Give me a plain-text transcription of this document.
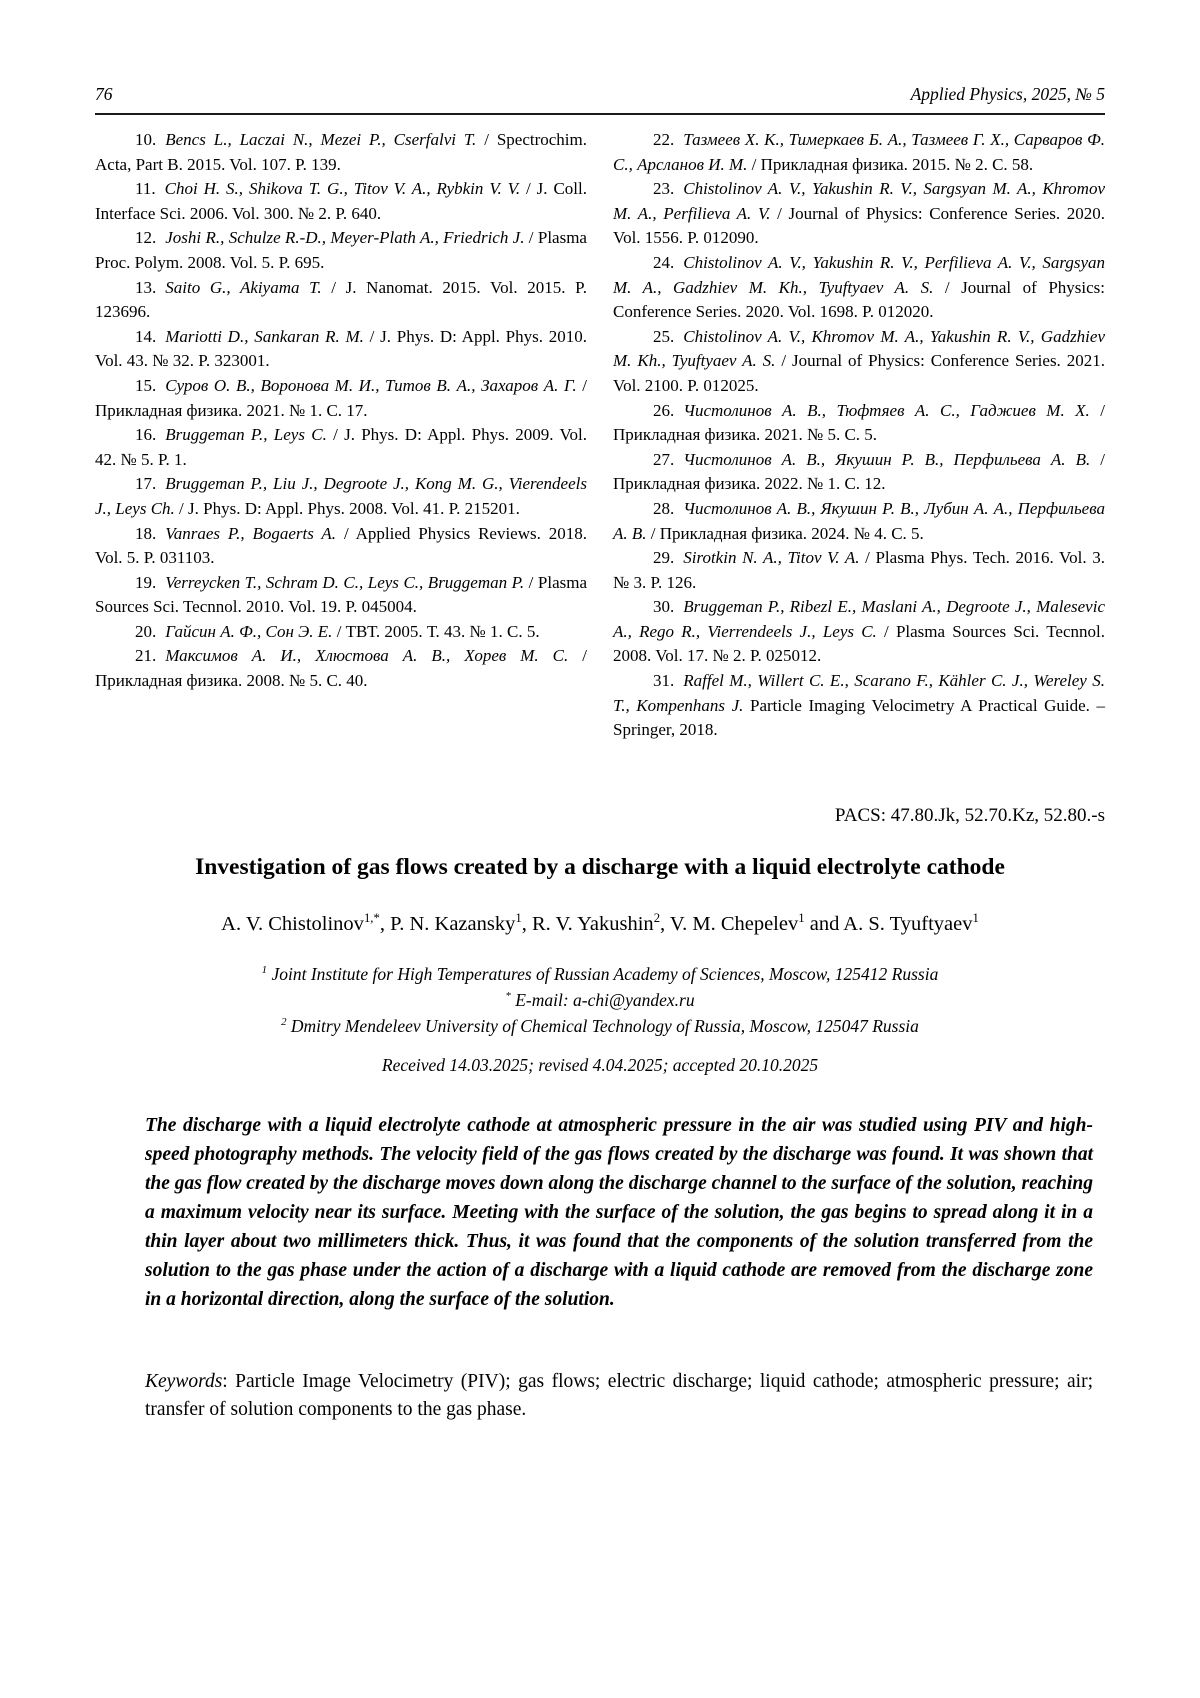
76	Applied Physics, 2025, № 5

10. Bencs L., Laczai N., Mezei P., Cserfalvi T. / Spectrochim. Acta, Part B. 2015. Vol. 107. P. 139.

11. Choi H. S., Shikova T. G., Titov V. A., Rybkin V. V. / J. Coll. Interface Sci. 2006. Vol. 300. № 2. P. 640.

12. Joshi R., Schulze R.-D., Meyer-Plath A., Friedrich J. / Plasma Proc. Polym. 2008. Vol. 5. P. 695.

13. Saito G., Akiyama T. / J. Nanomat. 2015. Vol. 2015. P. 123696.

14. Mariotti D., Sankaran R. M. / J. Phys. D: Appl. Phys. 2010. Vol. 43. № 32. P. 323001.

15. Суров О. В., Воронова М. И., Титов В. А., Захаров А. Г. / Прикладная физика. 2021. № 1. С. 17.

16. Bruggeman P., Leys C. / J. Phys. D: Appl. Phys. 2009. Vol. 42. № 5. P. 1.

17. Bruggeman P., Liu J., Degroote J., Kong M. G., Vierendeels J., Leys Ch. / J. Phys. D: Appl. Phys. 2008. Vol. 41. P. 215201.

18. Vanraes P., Bogaerts A. / Applied Physics Reviews. 2018. Vol. 5. P. 031103.

19. Verreycken T., Schram D. C., Leys C., Bruggeman P. / Plasma Sources Sci. Tecnnol. 2010. Vol. 19. P. 045004.

20. Гайсин А. Ф., Сон Э. Е. / ТВТ. 2005. Т. 43. № 1. С. 5.

21. Максимов А. И., Хлюстова А. В., Хорев М. С. / Прикладная физика. 2008. № 5. С. 40.

22. Тазмеев Х. К., Тимеркаев Б. А., Тазмеев Г. Х., Сарваров Ф. С., Арсланов И. М. / Прикладная физика. 2015. № 2. С. 58.

23. Chistolinov A. V., Yakushin R. V., Sargsyan M. A., Khromov M. A., Perfilieva A. V. / Journal of Physics: Conference Series. 2020. Vol. 1556. P. 012090.

24. Chistolinov A. V., Yakushin R. V., Perfilieva A. V., Sargsyan M. A., Gadzhiev M. Kh., Tyuftyaev A. S. / Journal of Physics: Conference Series. 2020. Vol. 1698. P. 012020.

25. Chistolinov A. V., Khromov M. A., Yakushin R. V., Gadzhiev M. Kh., Tyuftyaev A. S. / Journal of Physics: Conference Series. 2021. Vol. 2100. P. 012025.

26. Чистолинов А. В., Тюфтяев А. С., Гаджиев М. Х. / Прикладная физика. 2021. № 5. С. 5.

27. Чистолинов А. В., Якушин Р. В., Перфильева А. В. / Прикладная физика. 2022. № 1. С. 12.

28. Чистолинов А. В., Якушин Р. В., Лубин А. А., Перфильева А. В. / Прикладная физика. 2024. № 4. С. 5.

29. Sirotkin N. A., Titov V. A. / Plasma Phys. Tech. 2016. Vol. 3. № 3. P. 126.

30. Bruggeman P., Ribezl E., Maslani A., Degroote J., Malesevic A., Rego R., Vierrendeels J., Leys C. / Plasma Sources Sci. Tecnnol. 2008. Vol. 17. № 2. P. 025012.

31. Raffel M., Willert C. E., Scarano F., Kähler C. J., Wereley S. T., Kompenhans J. Particle Imaging Velocimetry A Practical Guide. – Springer, 2018.

PACS: 47.80.Jk, 52.70.Kz, 52.80.-s
Investigation of gas flows created by a discharge with a liquid electrolyte cathode
A. V. Chistolinov$^{1,*}$, P. N. Kazansky$^1$, R. V. Yakushin$^2$, V. M. Chepelev$^1$ and A. S. Tyuftyaev$^1$
$^1$ Joint Institute for High Temperatures of Russian Academy of Sciences, Moscow, 125412 Russia
* E-mail: a-chi@yandex.ru
$^2$ Dmitry Mendeleev University of Chemical Technology of Russia, Moscow, 125047 Russia
Received 14.03.2025; revised 4.04.2025; accepted 20.10.2025
The discharge with a liquid electrolyte cathode at atmospheric pressure in the air was studied using PIV and high-speed photography methods. The velocity field of the gas flows created by the discharge was found. It was shown that the gas flow created by the discharge moves down along the discharge channel to the surface of the solution, reaching a maximum velocity near its surface. Meeting with the surface of the solution, the gas begins to spread along it in a thin layer about two millimeters thick. Thus, it was found that the components of the solution transferred from the solution to the gas phase under the action of a discharge with a liquid cathode are removed from the discharge zone in a horizontal direction, along the surface of the solution.
Keywords: Particle Image Velocimetry (PIV); gas flows; electric discharge; liquid cathode; atmospheric pressure; air; transfer of solution components to the gas phase.
